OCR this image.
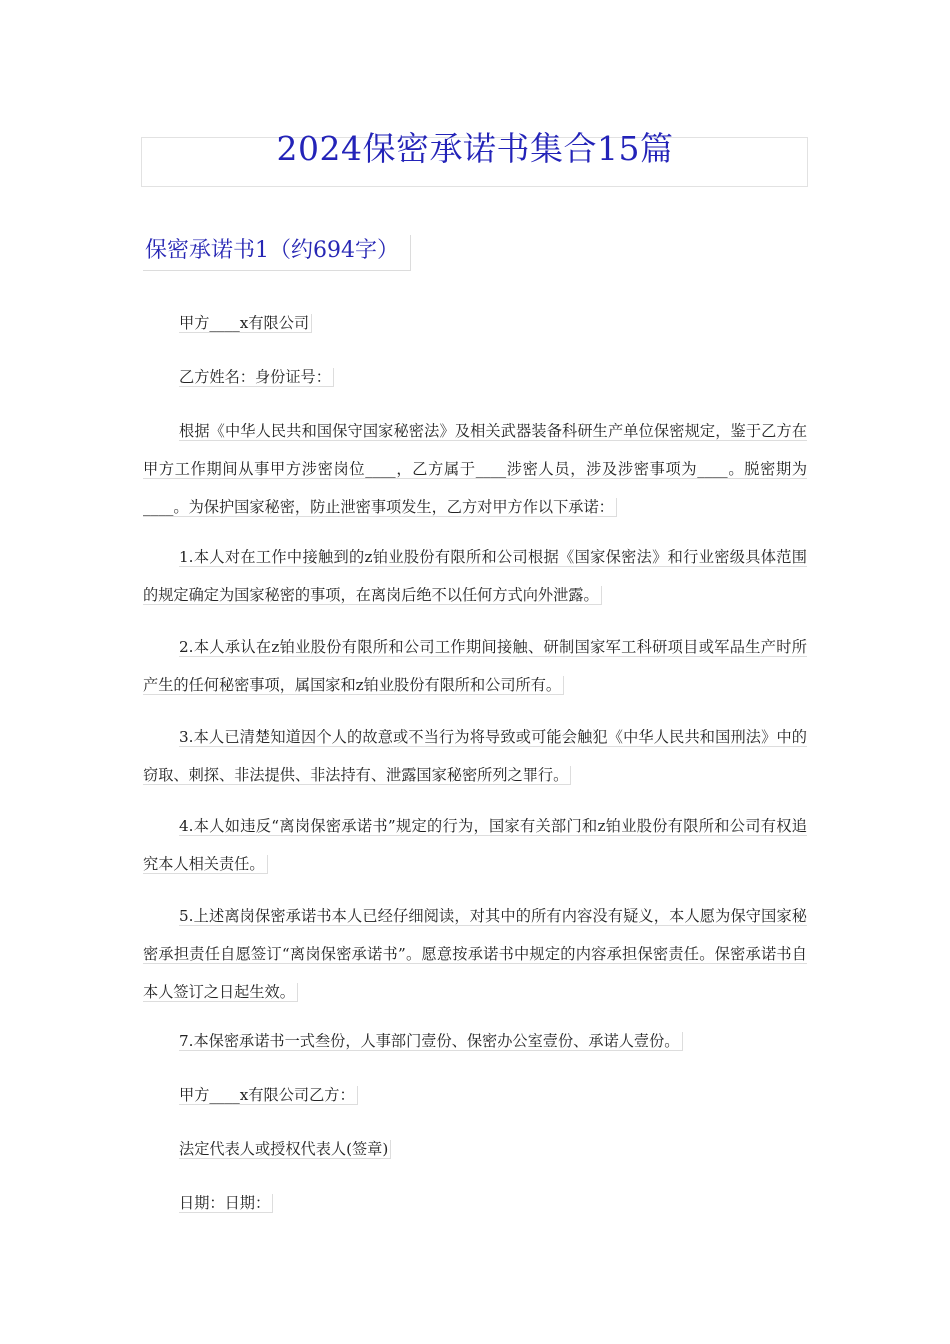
2024保密承诺书集合15篇
保密承诺书1（约694字）

甲方____x有限公司

乙方姓名：身份证号：

根据《中华人民共和国保守国家秘密法》及相关武器装备科研生产单位保密规定，鉴于乙方在甲方工作期间从事甲方涉密岗位____，乙方属于____涉密人员，涉及涉密事项为____。脱密期为____。为保护国家秘密，防止泄密事项发生，乙方对甲方作以下承诺：

1.本人对在工作中接触到的z铂业股份有限所和公司根据《国家保密法》和行业密级具体范围的规定确定为国家秘密的事项，在离岗后绝不以任何方式向外泄露。

2.本人承认在z铂业股份有限所和公司工作期间接触、研制国家军工科研项目或军品生产时所产生的任何秘密事项，属国家和z铂业股份有限所和公司所有。

3.本人已清楚知道因个人的故意或不当行为将导致或可能会触犯《中华人民共和国刑法》中的窃取、刺探、非法提供、非法持有、泄露国家秘密所列之罪行。

4.本人如违反“离岗保密承诺书”规定的行为，国家有关部门和z铂业股份有限所和公司有权追究本人相关责任。

5.上述离岗保密承诺书本人已经仔细阅读，对其中的所有内容没有疑义，本人愿为保守国家秘密承担责任自愿签订“离岗保密承诺书”。愿意按承诺书中规定的内容承担保密责任。保密承诺书自本人签订之日起生效。

7.本保密承诺书一式叁份，人事部门壹份、保密办公室壹份、承诺人壹份。

甲方____x有限公司乙方：

法定代表人或授权代表人(签章)

日期：日期：
